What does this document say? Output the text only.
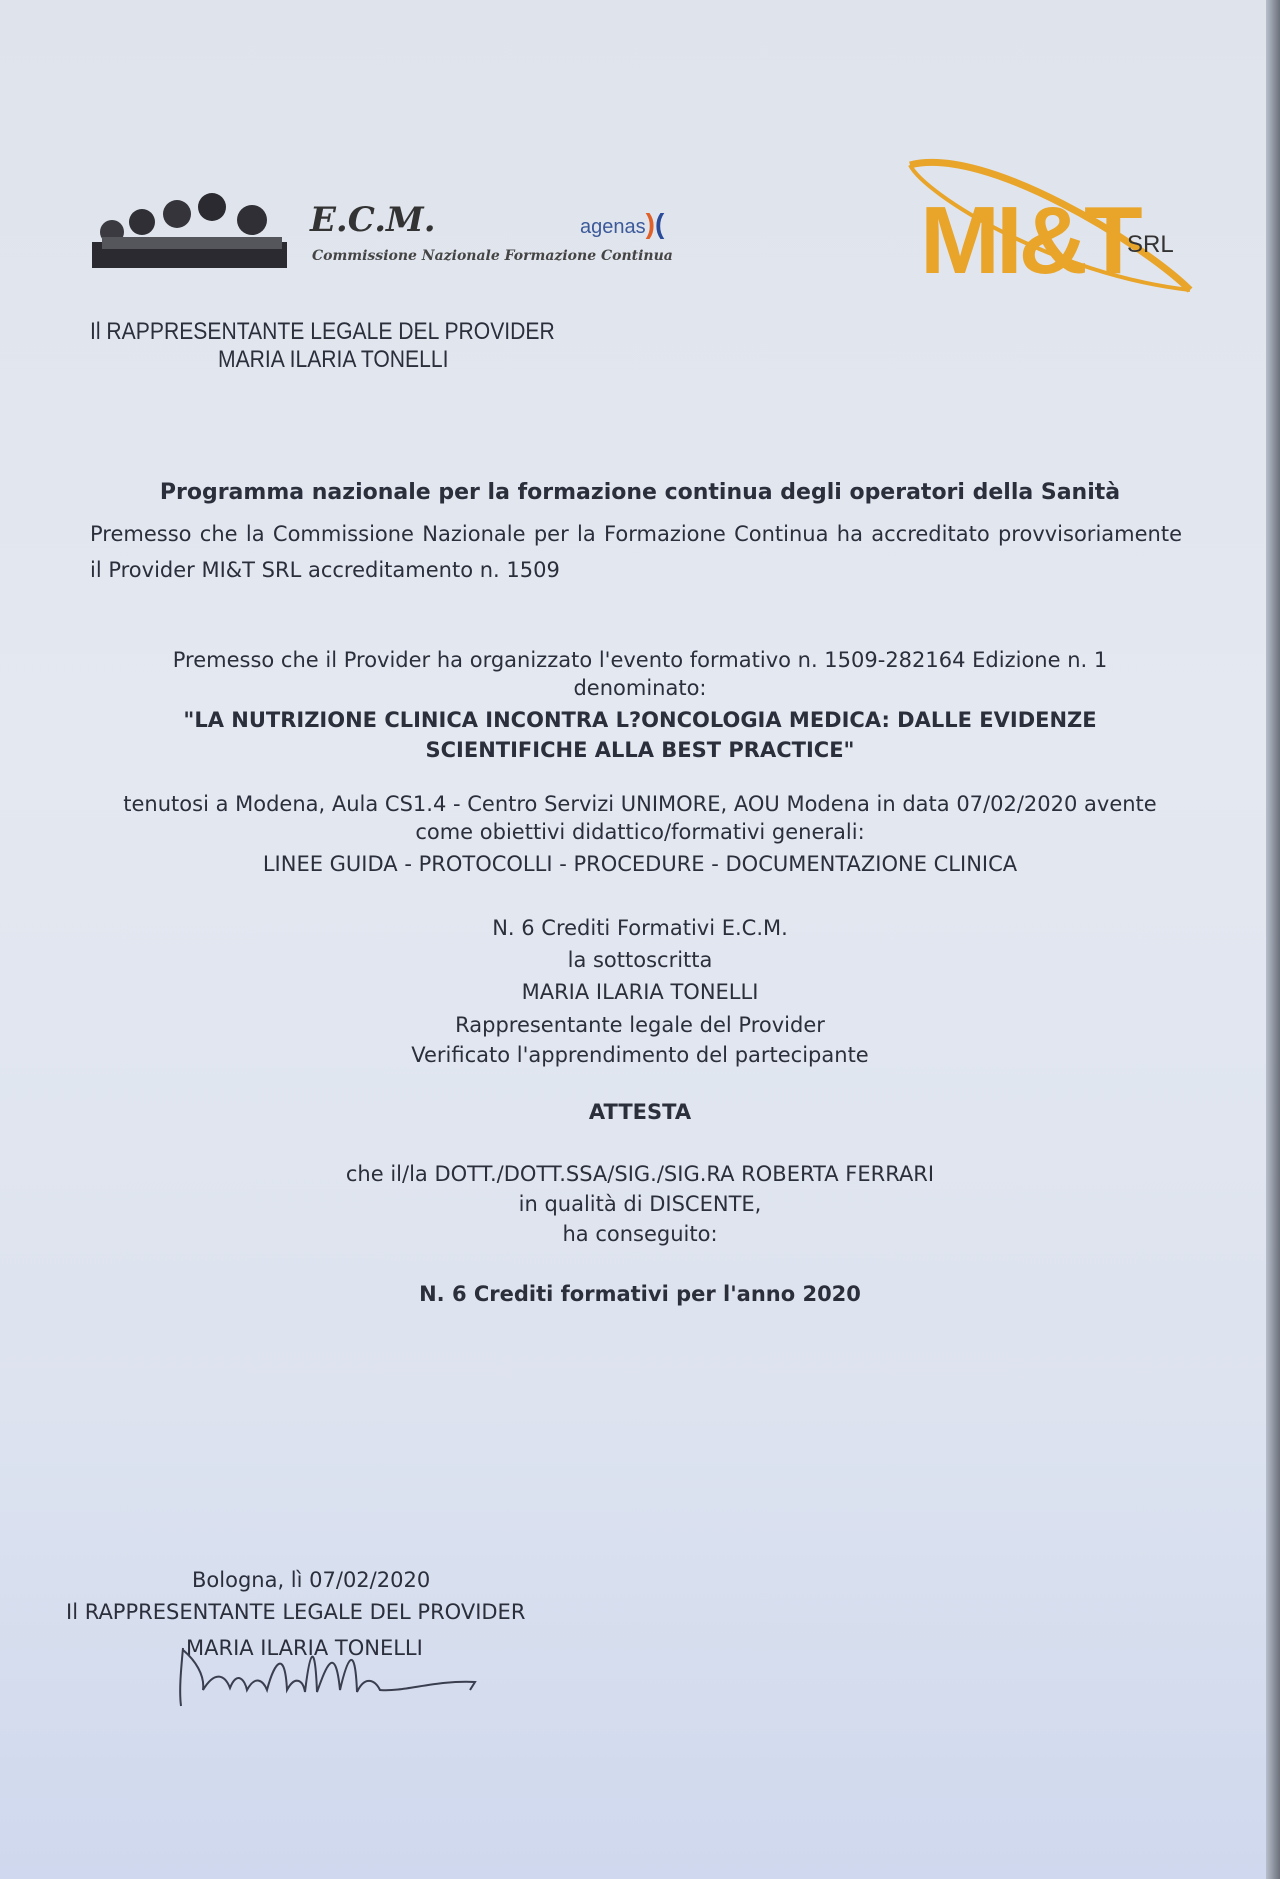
E.C.M.
Commissione Nazionale Formazione Continua
agenas)(	MI&T
SRL
Il RAPPRESENTANTE LEGALE DEL PROVIDER
MARIA ILARIA TONELLI
Programma nazionale per la formazione continua degli operatori della Sanità
Premesso che la Commissione Nazionale per la Formazione Continua ha accreditato provvisoriamente il Provider MI&T SRL accreditamento n. 1509
Premesso che il Provider ha organizzato l'evento formativo n. 1509-282164 Edizione n. 1
denominato:
"LA NUTRIZIONE CLINICA INCONTRA L?ONCOLOGIA MEDICA: DALLE EVIDENZE
SCIENTIFICHE ALLA BEST PRACTICE"
tenutosi a Modena, Aula CS1.4 - Centro Servizi UNIMORE, AOU Modena in data 07/02/2020 avente
come obiettivi didattico/formativi generali:
LINEE GUIDA - PROTOCOLLI - PROCEDURE - DOCUMENTAZIONE CLINICA
N. 6 Crediti Formativi E.C.M.
la sottoscritta
MARIA ILARIA TONELLI
Rappresentante legale del Provider
Verificato l'apprendimento del partecipante
ATTESTA
che il/la DOTT./DOTT.SSA/SIG./SIG.RA ROBERTA FERRARI
in qualità di DISCENTE,
ha conseguito:
N. 6 Crediti formativi per l'anno 2020
Bologna, lì 07/02/2020
Il RAPPRESENTANTE LEGALE DEL PROVIDER
MARIA ILARIA TONELLI
